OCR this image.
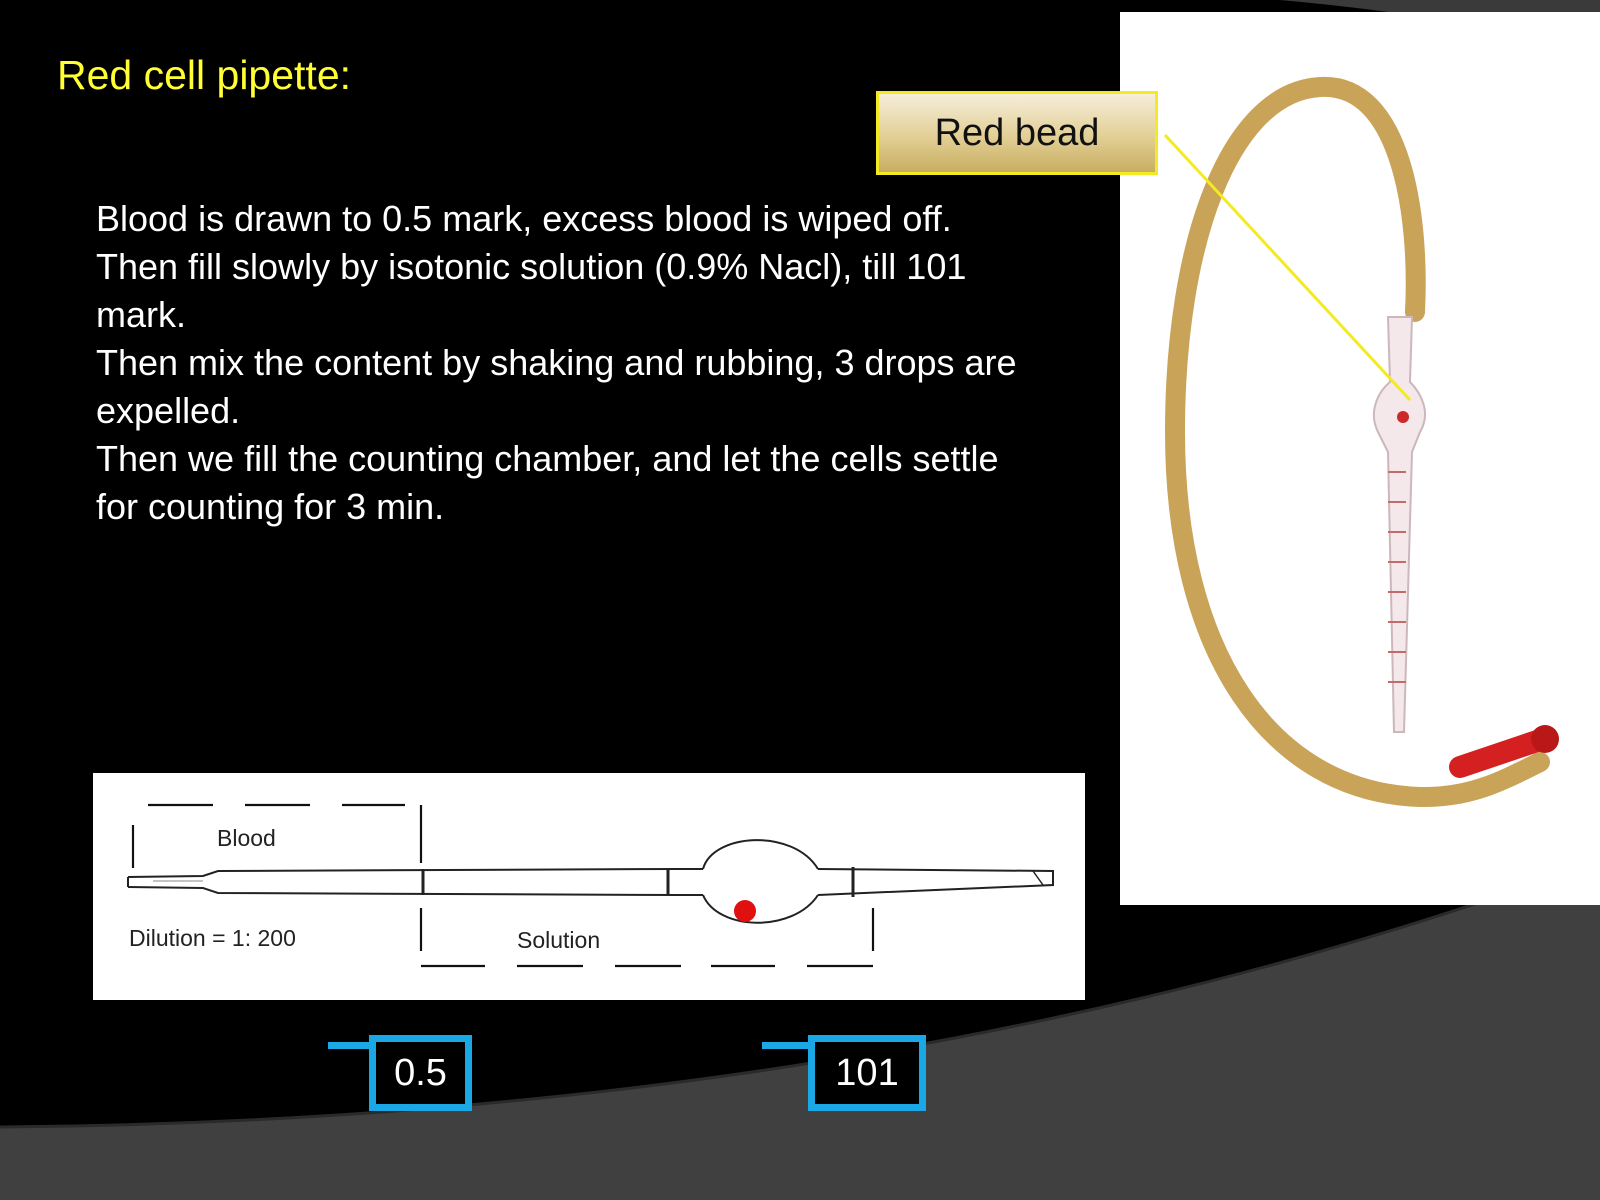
Red cell pipette:

Blood is drawn to 0.5 mark, excess blood is wiped off.

Then fill slowly by isotonic solution (0.9% Nacl), till 101 mark.

Then mix the content by shaking and rubbing, 3 drops are expelled.

Then we fill the counting chamber, and let the cells settle for counting for 3 min.

Blood
Dilution = 1: 200	Solution
Red bead
0.5	101
